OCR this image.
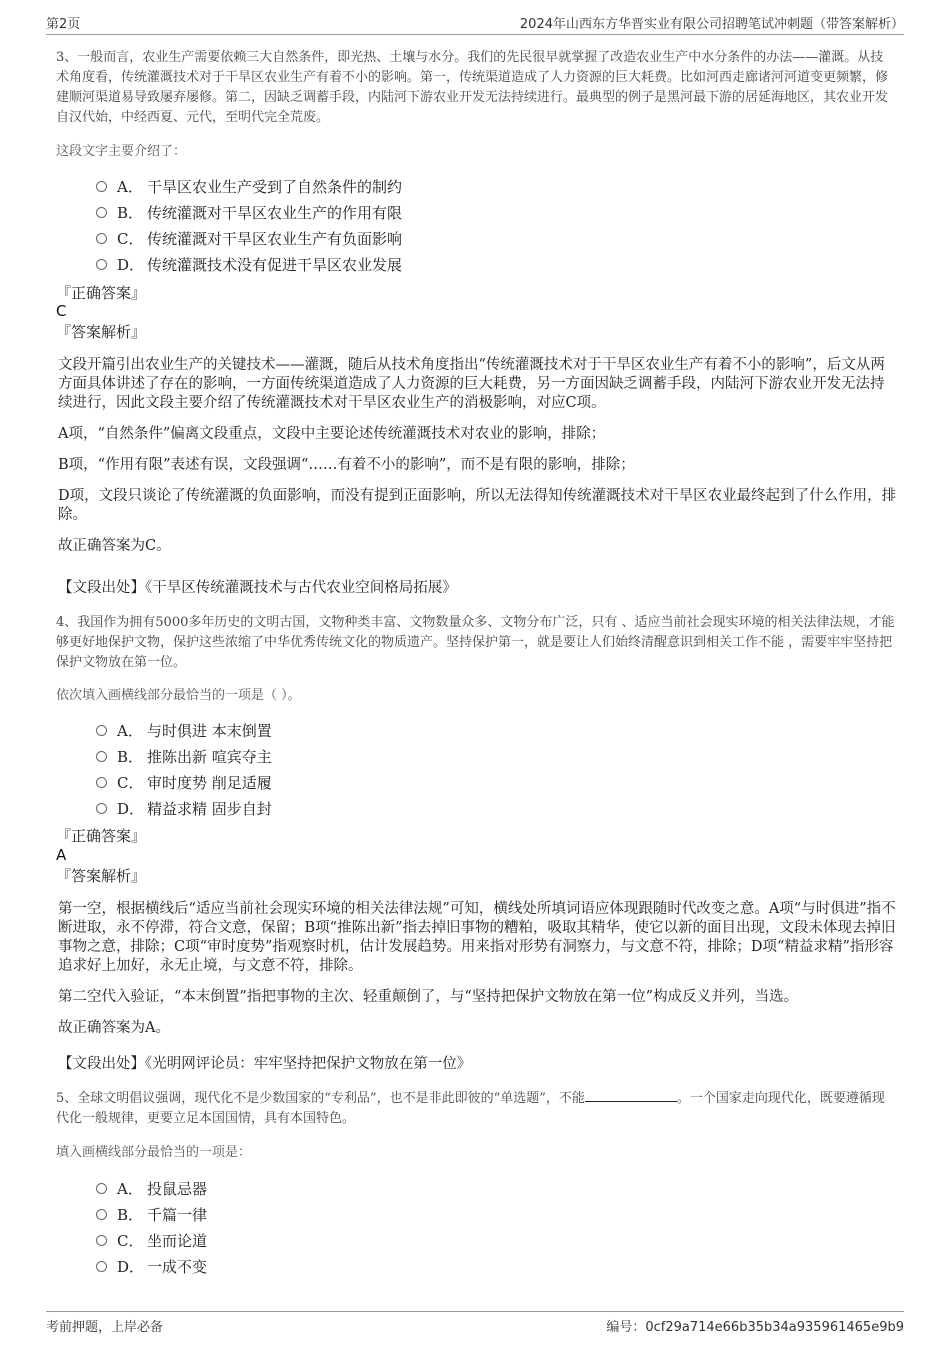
第2页	2024年山西东方华晋实业有限公司招聘笔试冲刺题（带答案解析）
3、一般而言，农业生产需要依赖三大自然条件，即光热、土壤与水分。我们的先民很早就掌握了改造农业生产中水分条件的办法——灌溉。从技术角度看，传统灌溉技术对于干旱区农业生产有着不小的影响。第一，传统渠道造成了人力资源的巨大耗费。比如河西走廊诸河河道变更频繁，修建顺河渠道易导致屡弃屡修。第二，因缺乏调蓄手段，内陆河下游农业开发无法持续进行。最典型的例子是黑河最下游的居延海地区，其农业开发自汉代始，中经西夏、元代，至明代完全荒废。
这段文字主要介绍了：
A． 干旱区农业生产受到了自然条件的制约
B． 传统灌溉对干旱区农业生产的作用有限
C． 传统灌溉对干旱区农业生产有负面影响
D． 传统灌溉技术没有促进干旱区农业发展
『正确答案』
C
『答案解析』

文段开篇引出农业生产的关键技术——灌溉，随后从技术角度指出“传统灌溉技术对于干旱区农业生产有着不小的影响”，后文从两方面具体讲述了存在的影响，一方面传统渠道造成了人力资源的巨大耗费，另一方面因缺乏调蓄手段，内陆河下游农业开发无法持续进行，因此文段主要介绍了传统灌溉技术对干旱区农业生产的消极影响，对应C项。

A项，“自然条件”偏离文段重点，文段中主要论述传统灌溉技术对农业的影响，排除；

B项，“作用有限”表述有误，文段强调“……有着不小的影响”，而不是有限的影响，排除；

D项，文段只谈论了传统灌溉的负面影响，而没有提到正面影响，所以无法得知传统灌溉技术对干旱区农业最终起到了什么作用，排除。

故正确答案为C。

【文段出处】《干旱区传统灌溉技术与古代农业空间格局拓展》
4、我国作为拥有5000多年历史的文明古国，文物种类丰富、文物数量众多、文物分布广泛，只有 、适应当前社会现实环境的相关法律法规，才能够更好地保护文物，保护这些浓缩了中华优秀传统文化的物质遗产。坚持保护第一，就是要让人们始终清醒意识到相关工作不能 ，需要牢牢坚持把保护文物放在第一位。
依次填入画横线部分最恰当的一项是（ ）。
A． 与时俱进 本末倒置
B． 推陈出新 喧宾夺主
C． 审时度势 削足适履
D． 精益求精 固步自封
『正确答案』
A
『答案解析』

第一空，根据横线后“适应当前社会现实环境的相关法律法规”可知，横线处所填词语应体现跟随时代改变之意。A项“与时俱进”指不断进取，永不停滞，符合文意，保留；B项“推陈出新”指去掉旧事物的糟粕，吸取其精华，使它以新的面目出现，文段未体现去掉旧事物之意，排除；C项“审时度势”指观察时机，估计发展趋势。用来指对形势有洞察力，与文意不符，排除；D项“精益求精”指形容追求好上加好，永无止境，与文意不符，排除。

第二空代入验证，“本末倒置”指把事物的主次、轻重颠倒了，与“坚持把保护文物放在第一位”构成反义并列，当选。

故正确答案为A。

【文段出处】《光明网评论员：牢牢坚持把保护文物放在第一位》
5、全球文明倡议强调，现代化不是少数国家的“专利品”，也不是非此即彼的“单选题”，不能	。一个国家走向现代化，既要遵循现代化一般规律，更要立足本国国情，具有本国特色。
填入画横线部分最恰当的一项是：
A． 投鼠忌器
B． 千篇一律
C． 坐而论道
D． 一成不变
考前押题，上岸必备	编号：0cf29a714e66b35b34a935961465e9b9
